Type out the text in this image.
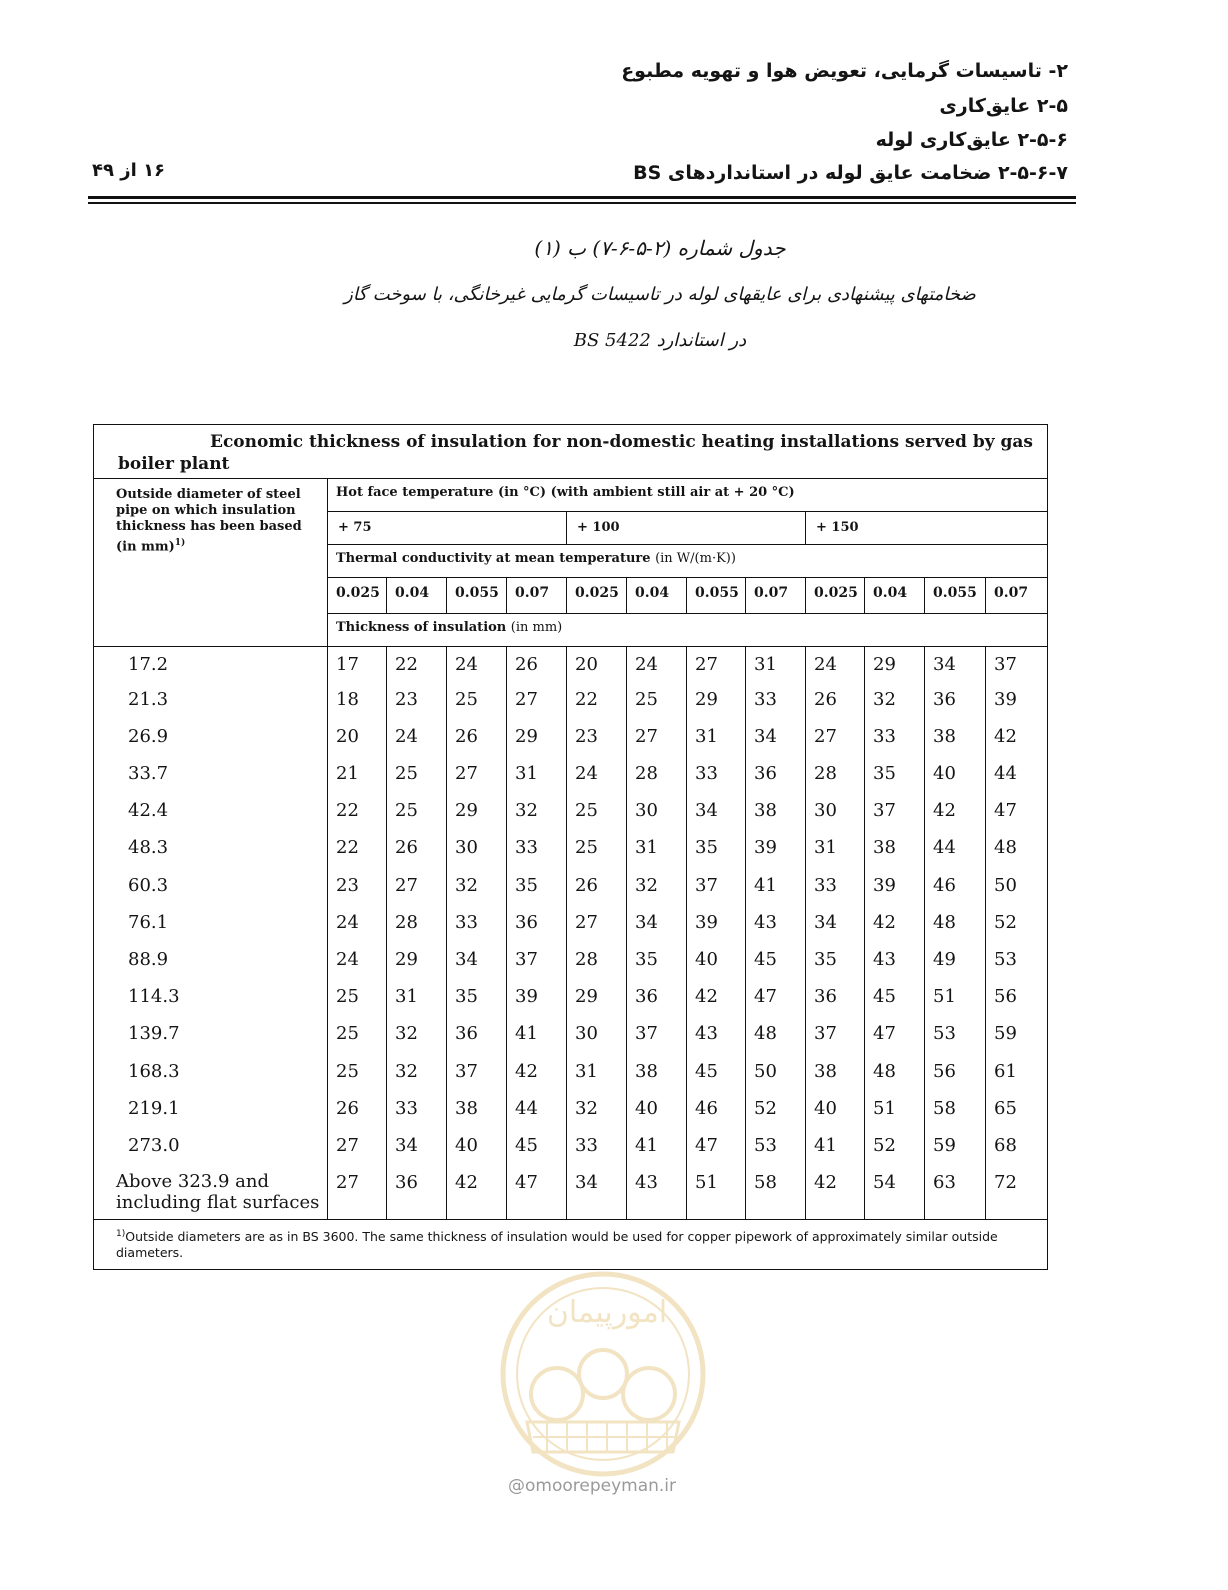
۲- تاسیسات گرمایی، تعویض هوا و تهویه مطبوع
۲-۵ عایق‌کاری
۲-۵-۶ عایق‌کاری لوله
۲-۵-۶-۷ ضخامت عایق لوله در استانداردهای BS
۱۶ از ۴۹
جدول شماره (۲-۵-۶-۷) ب (۱)
ضخامتهای پیشنهادی برای عایقهای لوله در تاسیسات گرمایی غیرخانگی، با سوخت گاز
در استاندارد BS 5422
Economic thickness of insulation for non-domestic heating installations served by gas boiler plant												

Outside diameter of steel pipe on which insulation thickness has been based (in mm)$^{1)}$	Hot face temperature (in °C) (with ambient still air at + 20 °C)											
	+ 75				+ 100				+ 150			
	Thermal conductivity at mean temperature (in W/(m·K))											
	0.025	0.04	0.055	0.07	0.025	0.04	0.055	0.07	0.025	0.04	0.055	0.07
	Thickness of insulation (in mm)											
17.2	17	22	24	26	20	24	27	31	24	29	34	37
21.3	18	23	25	27	22	25	29	33	26	32	36	39
26.9	20	24	26	29	23	27	31	34	27	33	38	42
33.7	21	25	27	31	24	28	33	36	28	35	40	44
42.4	22	25	29	32	25	30	34	38	30	37	42	47
48.3	22	26	30	33	25	31	35	39	31	38	44	48
60.3	23	27	32	35	26	32	37	41	33	39	46	50
76.1	24	28	33	36	27	34	39	43	34	42	48	52
88.9	24	29	34	37	28	35	40	45	35	43	49	53
114.3	25	31	35	39	29	36	42	47	36	45	51	56
139.7	25	32	36	41	30	37	43	48	37	47	53	59
168.3	25	32	37	42	31	38	45	50	38	48	56	61
219.1	26	33	38	44	32	40	46	52	40	51	58	65
273.0	27	34	40	45	33	41	47	53	41	52	59	68
Above 323.9 and including flat surfaces	27	36	42	47	34	43	51	58	42	54	63	72
$^{1)}$Outside diameters are as in BS 3600. The same thickness of insulation would be used for copper pipework of approximately similar outside diameters.												
امورپیمان
@omoorepeyman.ir
